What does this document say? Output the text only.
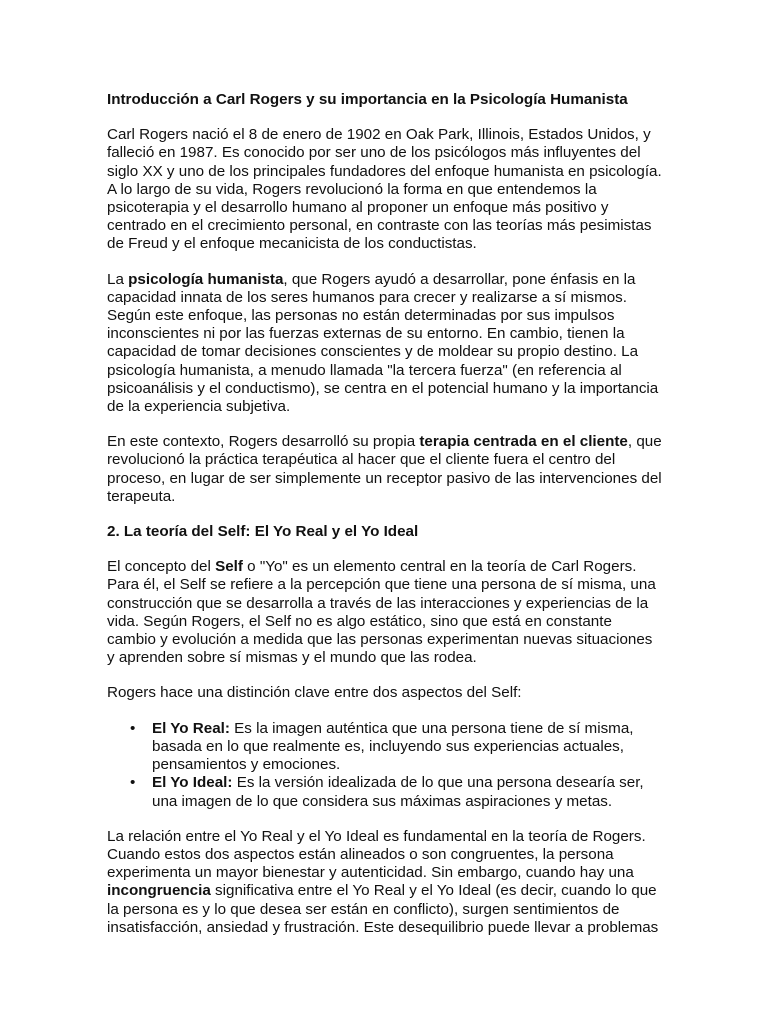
Introducción a Carl Rogers y su importancia en la Psicología Humanista

Carl Rogers nació el 8 de enero de 1902 en Oak Park, Illinois, Estados Unidos, y falleció en 1987. Es conocido por ser uno de los psicólogos más influyentes del siglo XX y uno de los principales fundadores del enfoque humanista en psicología. A lo largo de su vida, Rogers revolucionó la forma en que entendemos la psicoterapia y el desarrollo humano al proponer un enfoque más positivo y centrado en el crecimiento personal, en contraste con las teorías más pesimistas de Freud y el enfoque mecanicista de los conductistas.

La psicología humanista, que Rogers ayudó a desarrollar, pone énfasis en la capacidad innata de los seres humanos para crecer y realizarse a sí mismos. Según este enfoque, las personas no están determinadas por sus impulsos inconscientes ni por las fuerzas externas de su entorno. En cambio, tienen la capacidad de tomar decisiones conscientes y de moldear su propio destino. La psicología humanista, a menudo llamada "la tercera fuerza" (en referencia al psicoanálisis y el conductismo), se centra en el potencial humano y la importancia de la experiencia subjetiva.

En este contexto, Rogers desarrolló su propia terapia centrada en el cliente, que revolucionó la práctica terapéutica al hacer que el cliente fuera el centro del proceso, en lugar de ser simplemente un receptor pasivo de las intervenciones del terapeuta.

2. La teoría del Self: El Yo Real y el Yo Ideal

El concepto del Self o "Yo" es un elemento central en la teoría de Carl Rogers. Para él, el Self se refiere a la percepción que tiene una persona de sí misma, una construcción que se desarrolla a través de las interacciones y experiencias de la vida. Según Rogers, el Self no es algo estático, sino que está en constante cambio y evolución a medida que las personas experimentan nuevas situaciones y aprenden sobre sí mismas y el mundo que las rodea.

Rogers hace una distinción clave entre dos aspectos del Self:

• El Yo Real: Es la imagen auténtica que una persona tiene de sí misma, basada en lo que realmente es, incluyendo sus experiencias actuales, pensamientos y emociones.
• El Yo Ideal: Es la versión idealizada de lo que una persona desearía ser, una imagen de lo que considera sus máximas aspiraciones y metas.

La relación entre el Yo Real y el Yo Ideal es fundamental en la teoría de Rogers. Cuando estos dos aspectos están alineados o son congruentes, la persona experimenta un mayor bienestar y autenticidad. Sin embargo, cuando hay una incongruencia significativa entre el Yo Real y el Yo Ideal (es decir, cuando lo que la persona es y lo que desea ser están en conflicto), surgen sentimientos de insatisfacción, ansiedad y frustración. Este desequilibrio puede llevar a problemas
